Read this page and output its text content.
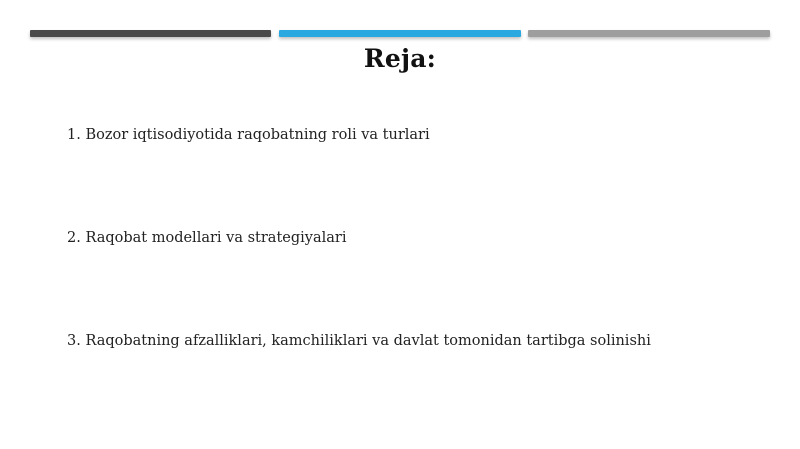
Reja:
1. Bozor iqtisodiyotida raqobatning roli va turlari
2. Raqobat modellari va strategiyalari
3. Raqobatning afzalliklari, kamchiliklari va davlat tomonidan tartibga solinishi
